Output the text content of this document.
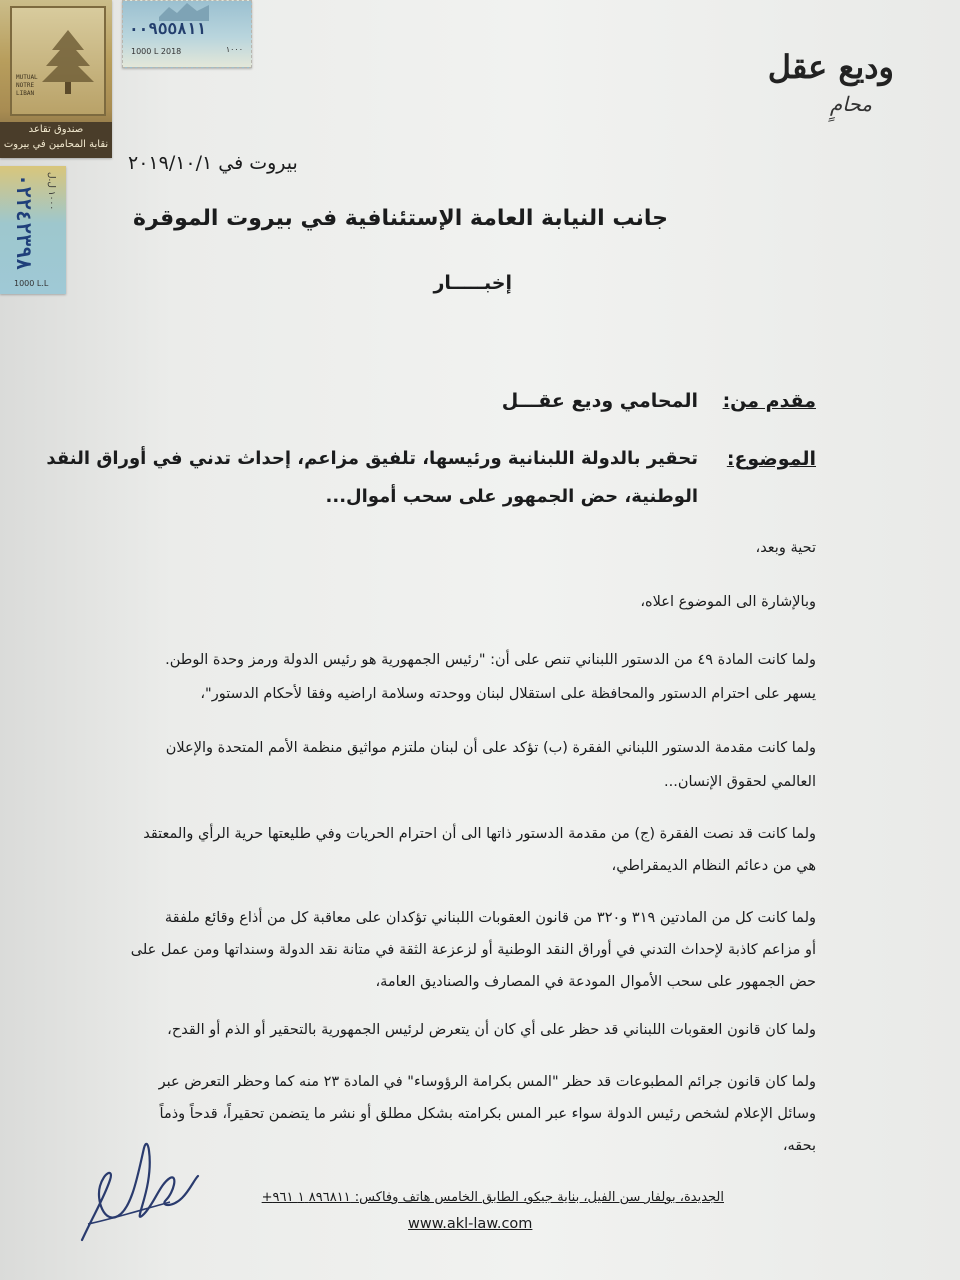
MUTUAL NOTRE LIBAN
صندوق تقاعد
نقابة المحامين في بيروت
٠٠٩٥٥٨١١
1000 L 2018	١٠٠٠
٠٢٢٤٢٣٩٨ ١٠٠٠ ل.ل
1000 L.L
وديع عقل
محامٍ
بيروت في ٢٠١٩/١٠/١
جانب النيابة العامة الإستئنافية في بيروت الموقرة
إخبـــــار
مقدم من:
المحامي وديع عقـــل
الموضوع:
تحقير بالدولة اللبنانية ورئيسها، تلفيق مزاعم، إحداث تدني في أوراق النقد
الوطنية، حض الجمهور على سحب أموال...
تحية وبعد،
وبالإشارة الى الموضوع اعلاه،
ولما كانت المادة ٤٩ من الدستور اللبناني تنص على أن: "رئيس الجمهورية هو رئيس الدولة ورمز وحدة الوطن.
يسهر على احترام الدستور والمحافظة على استقلال لبنان ووحدته وسلامة اراضيه وفقا لأحكام الدستور"،
ولما كانت مقدمة الدستور اللبناني الفقرة (ب) تؤكد على أن لبنان ملتزم مواثيق منظمة الأمم المتحدة والإعلان
العالمي لحقوق الإنسان...
ولما كانت قد نصت الفقرة (ج) من مقدمة الدستور ذاتها الى أن احترام الحريات وفي طليعتها حرية الرأي والمعتقد
هي من دعائم النظام الديمقراطي،
ولما كانت كل من المادتين ٣١٩ و٣٢٠ من قانون العقوبات اللبناني تؤكدان على معاقبة كل من أذاع وقائع ملفقة
أو مزاعم كاذبة لإحداث التدني في أوراق النقد الوطنية أو لزعزعة الثقة في متانة نقد الدولة وسنداتها ومن عمل على
حض الجمهور على سحب الأموال المودعة في المصارف والصناديق العامة،
ولما كان قانون العقوبات اللبناني قد حظر على أي كان أن يتعرض لرئيس الجمهورية بالتحقير أو الذم أو القدح،
ولما كان قانون جرائم المطبوعات قد حظر "المس بكرامة الرؤوساء" في المادة ٢٣ منه كما وحظر التعرض عبر
وسائل الإعلام لشخص رئيس الدولة سواء عبر المس بكرامته بشكل مطلق أو نشر ما يتضمن تحقيراً، قدحاً وذماً
بحقه،
الجديدة، بولفار سن الفيل، بناية جيكو، الطابق الخامس هاتف وفاكس: ٨٩٦٨١١ ١ ٩٦١+
www.akl-law.com
